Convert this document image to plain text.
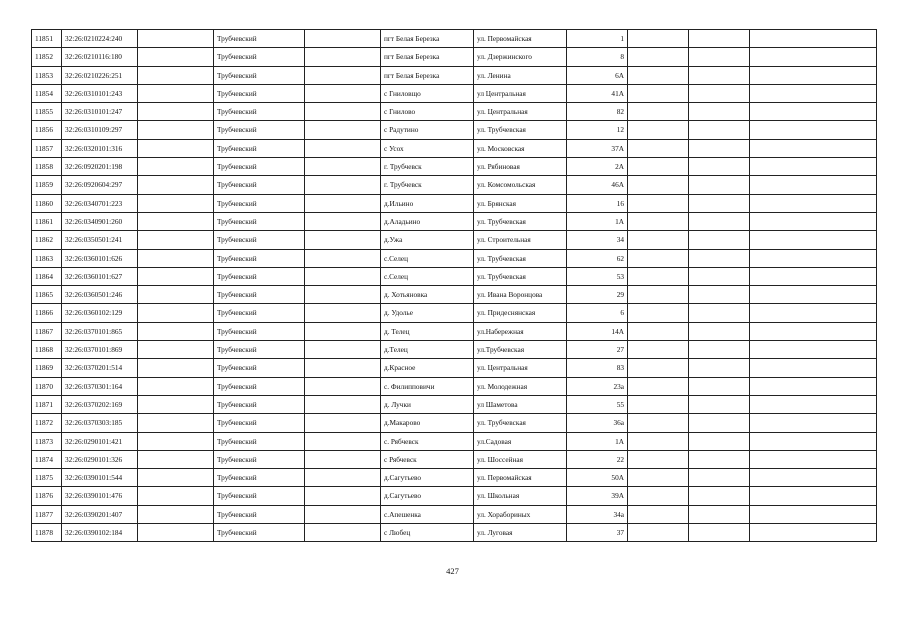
11851	32:26:0210224:240		Трубчевский		пгт Белая Березка	ул. Первомайская	1			
11852	32:26:0210116:180		Трубчевский		пгт Белая Березка	ул. Дзержинского	8			
11853	32:26:0210226:251		Трубчевский		пгт Белая Березка	ул. Ленина	6А			
11854	32:26:0310101:243		Трубчевский		с Гниловщо	ул Центральная	41А			
11855	32:26:0310101:247		Трубчевский		с Гнилово	ул. Центральная	82			
11856	32:26:0310109:297		Трубчевский		с Радутино	ул. Трубчевская	12			
11857	32:26:0320101:316		Трубчевский		с Усох	ул. Московская	37А			
11858	32:26:0920201:198		Трубчевский		г. Трубчевск	ул. Рябиновая	2А			
11859	32:26:0920604:297		Трубчевский		г. Трубчевск	ул. Комсомольская	46А			
11860	32:26:0340701:223		Трубчевский		д.Ильино	ул. Брянская	16			
11861	32:26:0340901:260		Трубчевский		д.Аладьино	ул. Трубчевская	1А			
11862	32:26:0350501:241		Трубчевский		д.Ужа	ул. Строительная	34			
11863	32:26:0360101:626		Трубчевский		с.Селец	ул. Трубчевская	62			
11864	32:26:0360101:627		Трубчевский		с.Селец	ул. Трубчевская	53			
11865	32:26:0360501:246		Трубчевский		д. Хотьяновка	ул. Ивана Воронцова	29			
11866	32:26:0360102:129		Трубчевский		д. Удолье	ул. Придеснянская	6			
11867	32:26:0370101:865		Трубчевский		д. Телец	ул.Набережная	14А			
11868	32:26:0370101:869		Трубчевский		д.Телец	ул.Трубчевская	27			
11869	32:26:0370201:514		Трубчевский		д.Красное	ул. Центральная	83			
11870	32:26:0370301:164		Трубчевский		с. Филипповичи	ул. Молодежная	23а			
11871	32:26:0370202:169		Трубчевский		д. Лучки	ул Шаметова	55			
11872	32:26:0370303:185		Трубчевский		д.Макарово	ул. Трубчевская	36а			
11873	32:26:0290101:421		Трубчевский		с. Рябчевск	ул.Садовая	1А			
11874	32:26:0290101:326		Трубчевский		с Рябчевск	ул. Шоссейная	22			
11875	32:26:0390101:544		Трубчевский		д.Сагутьево	ул. Первомайская	50А			
11876	32:26:0390101:476		Трубчевский		д.Сагутьево	ул. Школьная	39А			
11877	32:26:0390201:407		Трубчевский		с.Апешенка	ул. Хорабориных	34а			
11878	32:26:0390102:184		Трубчевский		с Любец	ул. Луговая	37			
427
